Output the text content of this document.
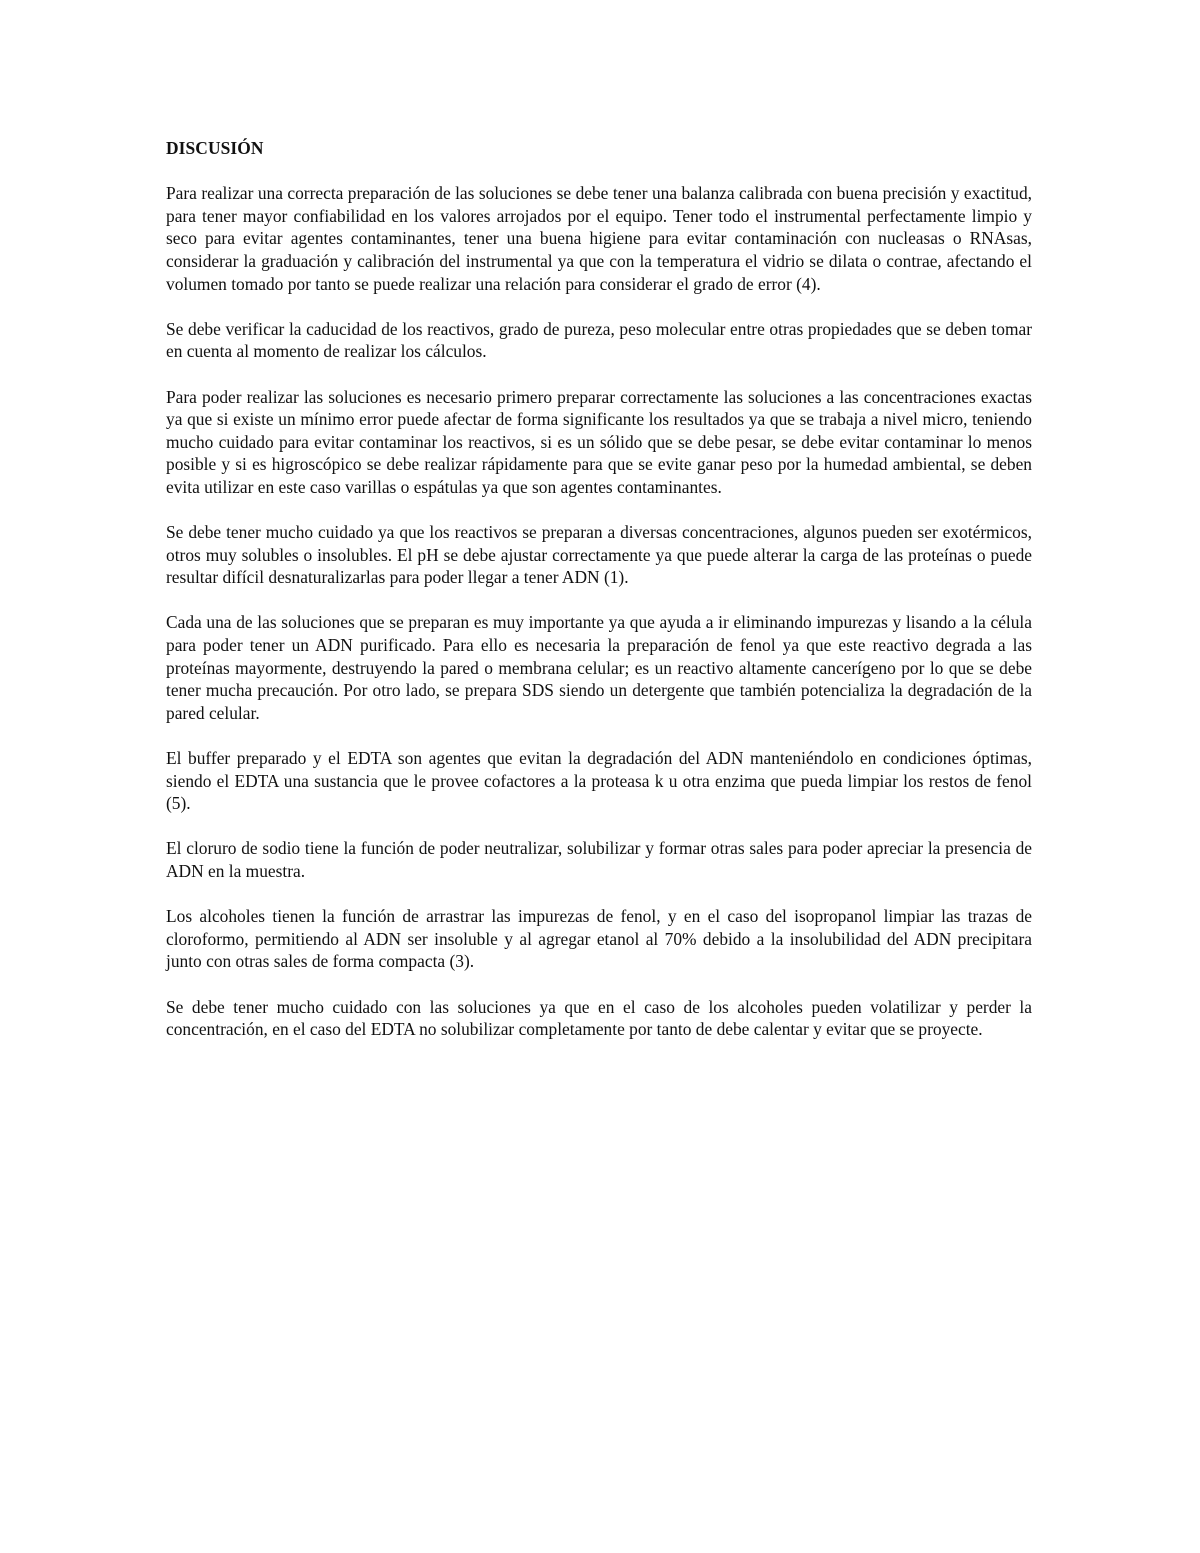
DISCUSIÓN

Para realizar una correcta preparación de las soluciones se debe tener una balanza calibrada con buena precisión y exactitud, para tener mayor confiabilidad en los valores arrojados por el equipo. Tener todo el instrumental perfectamente limpio y seco para evitar agentes contaminantes, tener una buena higiene para evitar contaminación con nucleasas o RNAsas, considerar la graduación y calibración del instrumental ya que con la temperatura el vidrio se dilata o contrae, afectando el volumen tomado por tanto se puede realizar una relación para considerar el grado de error (4).

Se debe verificar la caducidad de los reactivos, grado de pureza, peso molecular entre otras propiedades que se deben tomar en cuenta al momento de realizar los cálculos.

Para poder realizar las soluciones es necesario primero preparar correctamente las soluciones a las concentraciones exactas ya que si existe un mínimo error puede afectar de forma significante los resultados ya que se trabaja a nivel micro, teniendo mucho cuidado para evitar contaminar los reactivos, si es un sólido que se debe pesar, se debe evitar contaminar lo menos posible y si es higroscópico se debe realizar rápidamente para que se evite ganar peso por la humedad ambiental, se deben evita utilizar en este caso varillas o espátulas ya que son agentes contaminantes.

Se debe tener mucho cuidado ya que los reactivos se preparan a diversas concentraciones, algunos pueden ser exotérmicos, otros muy solubles o insolubles. El pH se debe ajustar correctamente ya que puede alterar la carga de las proteínas o puede resultar difícil desnaturalizarlas para poder llegar a tener ADN (1).

Cada una de las soluciones que se preparan es muy importante ya que ayuda a ir eliminando impurezas y lisando a la célula para poder tener un ADN purificado. Para ello es necesaria la preparación de fenol ya que este reactivo degrada a las proteínas mayormente, destruyendo la pared o membrana celular; es un reactivo altamente cancerígeno por lo que se debe tener mucha precaución. Por otro lado, se prepara SDS siendo un detergente que también potencializa la degradación de la pared celular.

El buffer preparado y el EDTA son agentes que evitan la degradación del ADN manteniéndolo en condiciones óptimas, siendo el EDTA una sustancia que le provee cofactores a la proteasa k u otra enzima que pueda limpiar los restos de fenol (5).

El cloruro de sodio tiene la función de poder neutralizar, solubilizar y formar otras sales para poder apreciar la presencia de ADN en la muestra.

Los alcoholes tienen la función de arrastrar las impurezas de fenol, y en el caso del isopropanol limpiar las trazas de cloroformo, permitiendo al ADN ser insoluble y al agregar etanol al 70% debido a la insolubilidad del ADN precipitara junto con otras sales de forma compacta (3).

Se debe tener mucho cuidado con las soluciones ya que en el caso de los alcoholes pueden volatilizar y perder la concentración, en el caso del EDTA no solubilizar completamente por tanto de debe calentar y evitar que se proyecte.
